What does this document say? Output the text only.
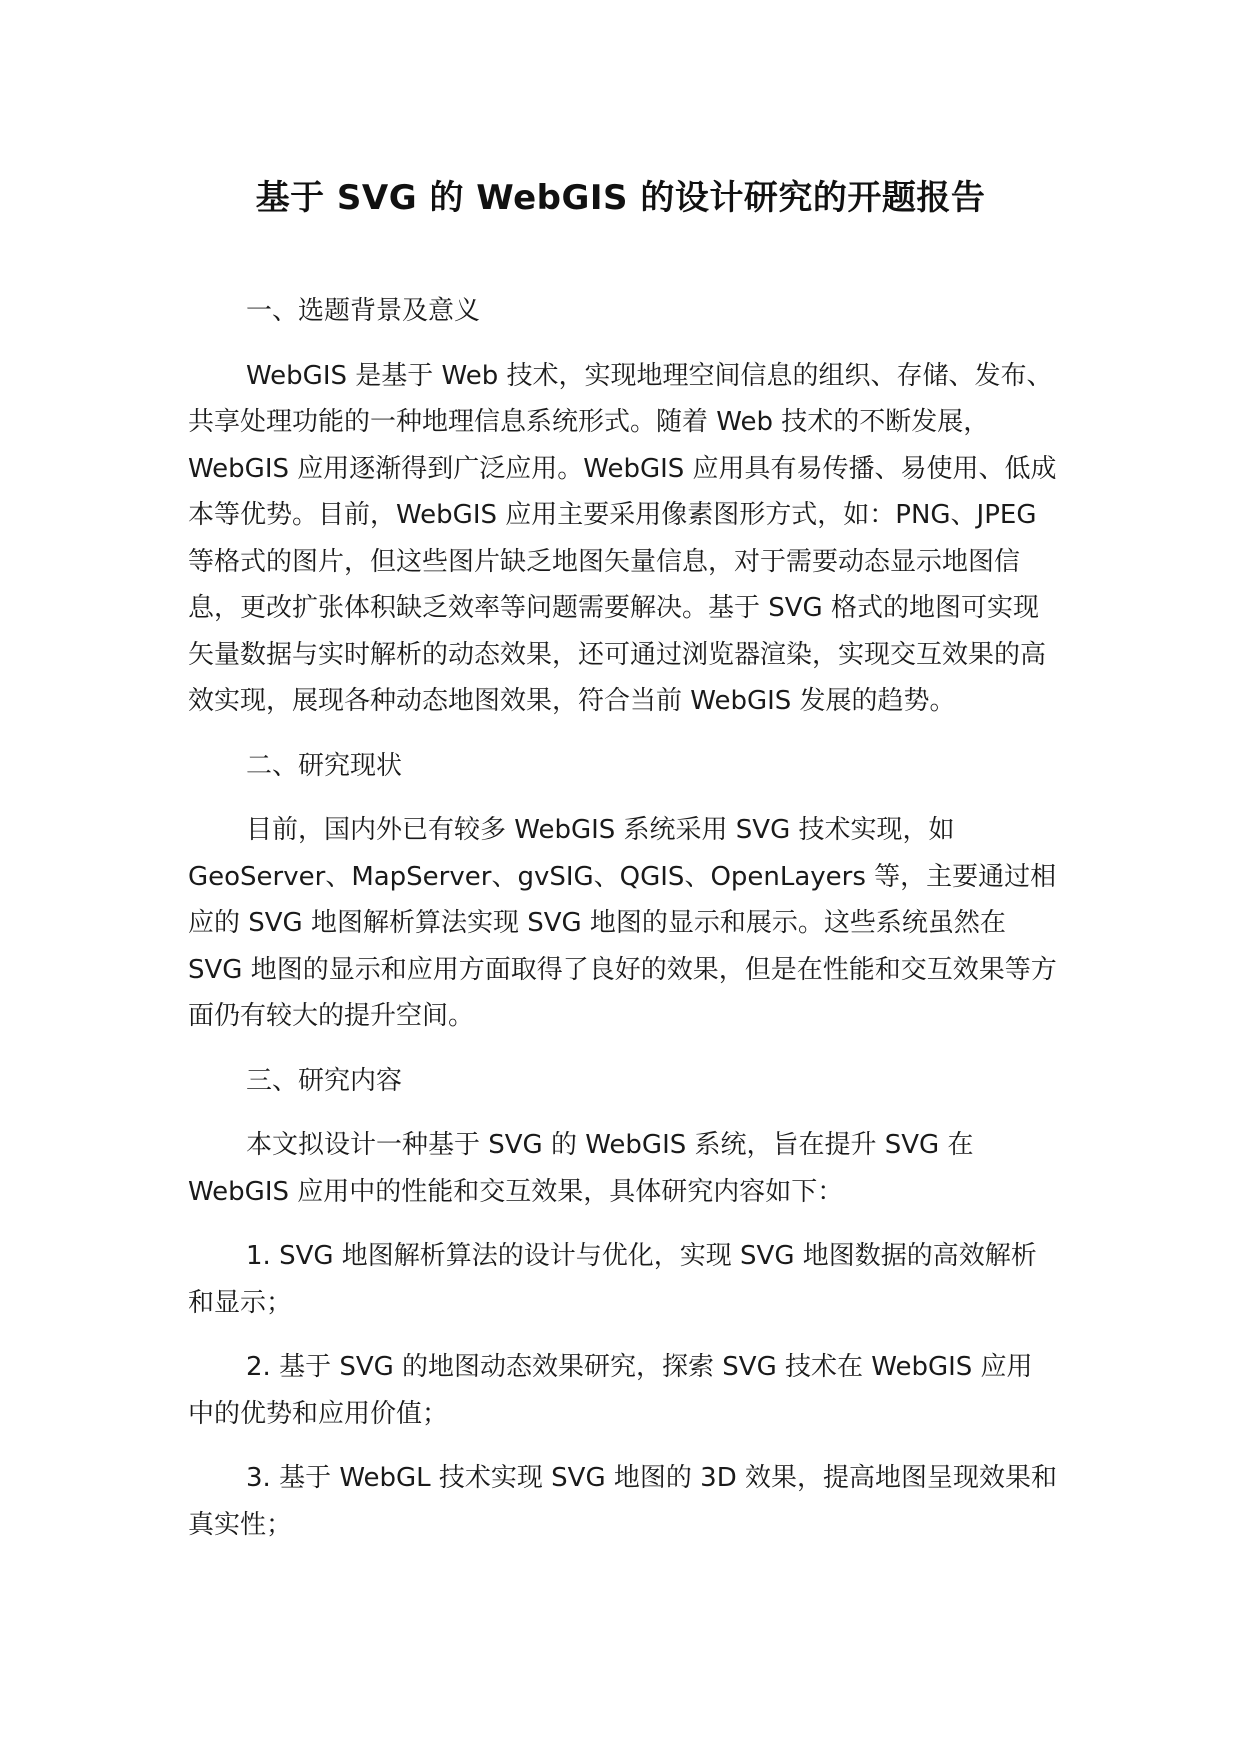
基于 SVG 的 WebGIS 的设计研究的开题报告

一、选题背景及意义

WebGIS 是基于 Web 技术，实现地理空间信息的组织、存储、发布、共享处理功能的一种地理信息系统形式。随着 Web 技术的不断发展，WebGIS 应用逐渐得到广泛应用。WebGIS 应用具有易传播、易使用、低成本等优势。目前，WebGIS 应用主要采用像素图形方式，如：PNG、JPEG 等格式的图片，但这些图片缺乏地图矢量信息，对于需要动态显示地图信息，更改扩张体积缺乏效率等问题需要解决。基于 SVG 格式的地图可实现矢量数据与实时解析的动态效果，还可通过浏览器渲染，实现交互效果的高效实现，展现各种动态地图效果，符合当前 WebGIS 发展的趋势。

二、研究现状

目前，国内外已有较多 WebGIS 系统采用 SVG 技术实现，如 GeoServer、MapServer、gvSIG、QGIS、OpenLayers 等，主要通过相应的 SVG 地图解析算法实现 SVG 地图的显示和展示。这些系统虽然在 SVG 地图的显示和应用方面取得了良好的效果，但是在性能和交互效果等方面仍有较大的提升空间。

三、研究内容

本文拟设计一种基于 SVG 的 WebGIS 系统，旨在提升 SVG 在 WebGIS 应用中的性能和交互效果，具体研究内容如下：

1. SVG 地图解析算法的设计与优化，实现 SVG 地图数据的高效解析和显示；

2. 基于 SVG 的地图动态效果研究，探索 SVG 技术在 WebGIS 应用中的优势和应用价值；

3. 基于 WebGL 技术实现 SVG 地图的 3D 效果，提高地图呈现效果和真实性；
